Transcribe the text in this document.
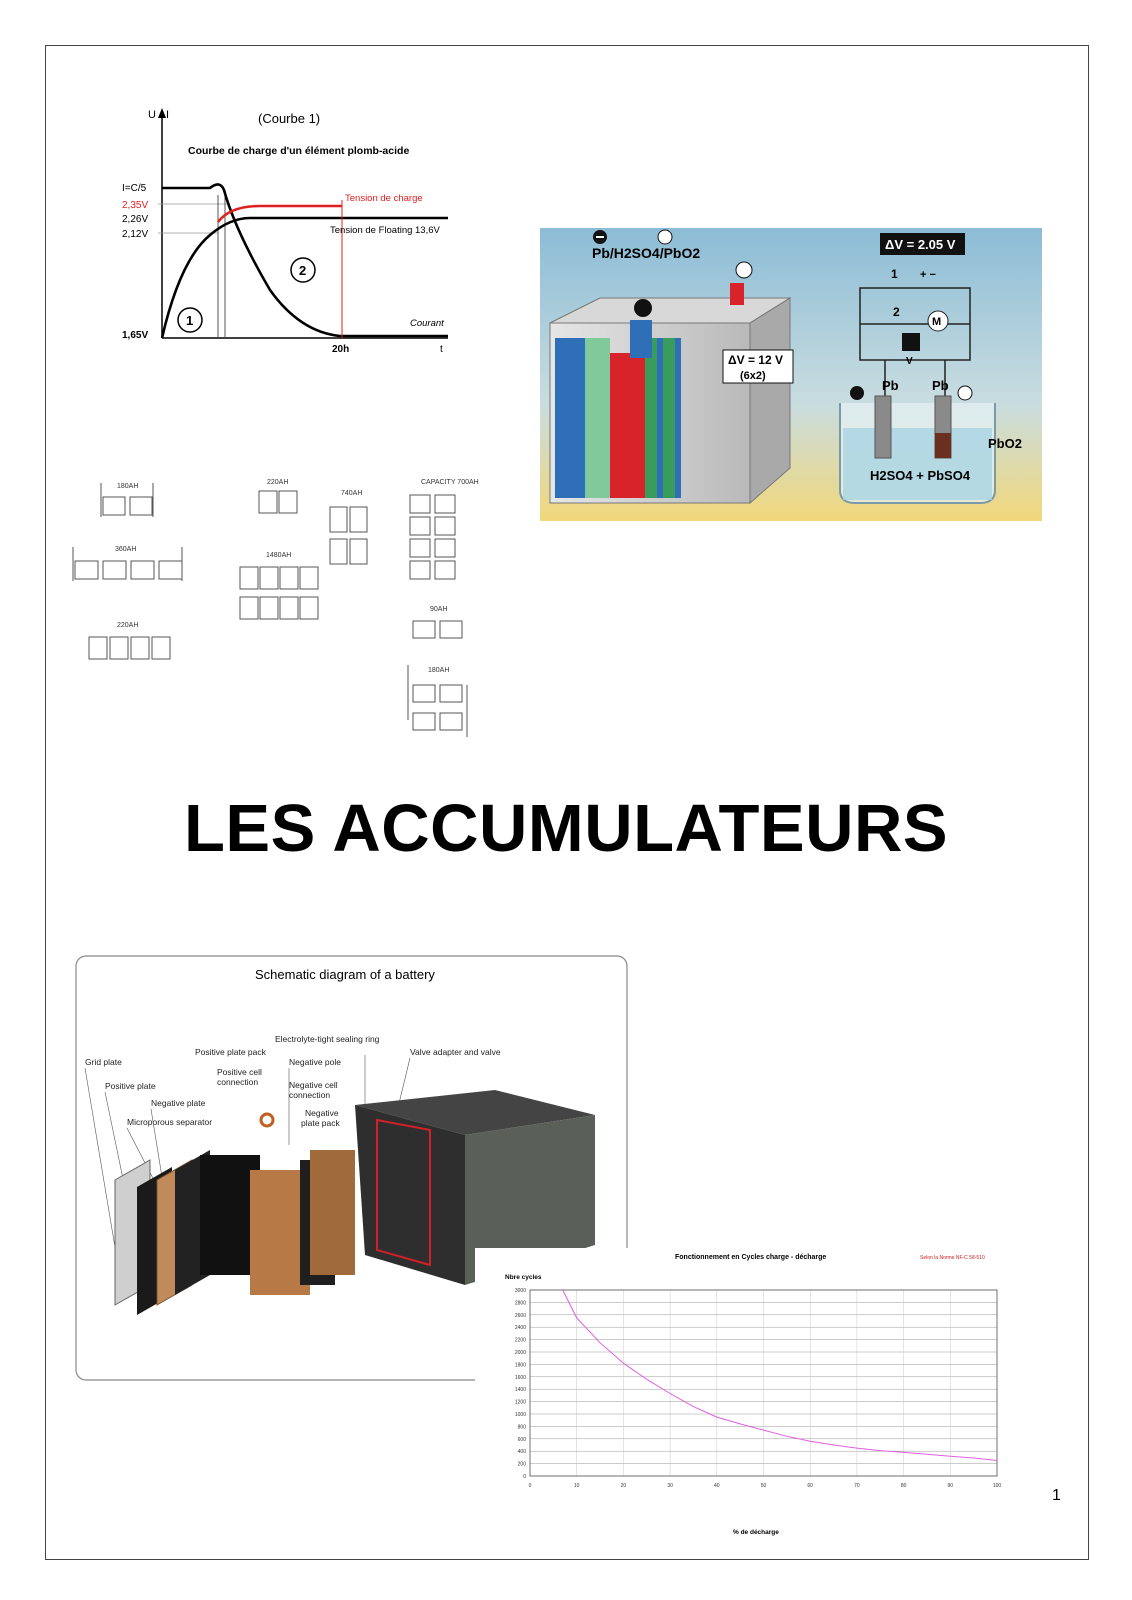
(Courbe 1)
Courbe de charge d'un élément plomb-acide
U I
t
I=C/5
2,35V
2,26V
2,12V
1,65V
Tension de charge
Tension de Floating 13,6V
Courant
20h
1
2
Pb/H2SO4/PbO2
ΔV = 12 V
(6x2)
ΔV = 2.05 V
1 + −
2
M
V
Pb	Pb
PbO2
H2SO4 + PbSO4
180AH
360AH
220AH
220AH
1480AH
740AH
CAPACITY 700AH
90AH
180AH
LES ACCUMULATEURS
Schematic diagram of a battery
Electrolyte-tight sealing ring
Positive plate pack	Valve adapter and valve
Grid plate
Positive cell
connection
Negative pole
Positive plate	Negative cell
connection
Negative plate
Negative
plate pack
Microporous separator
Fonctionnement en Cycles charge - décharge	Selon la Norme NF-C 58-510
Nbre cycles
% de décharge
0
200
400
600
800
1000
1200
1400
1600
1800
2000
2200
2400
2600
2800
3000
0	10	20	30	40	50	60	70	80	90	100
1
